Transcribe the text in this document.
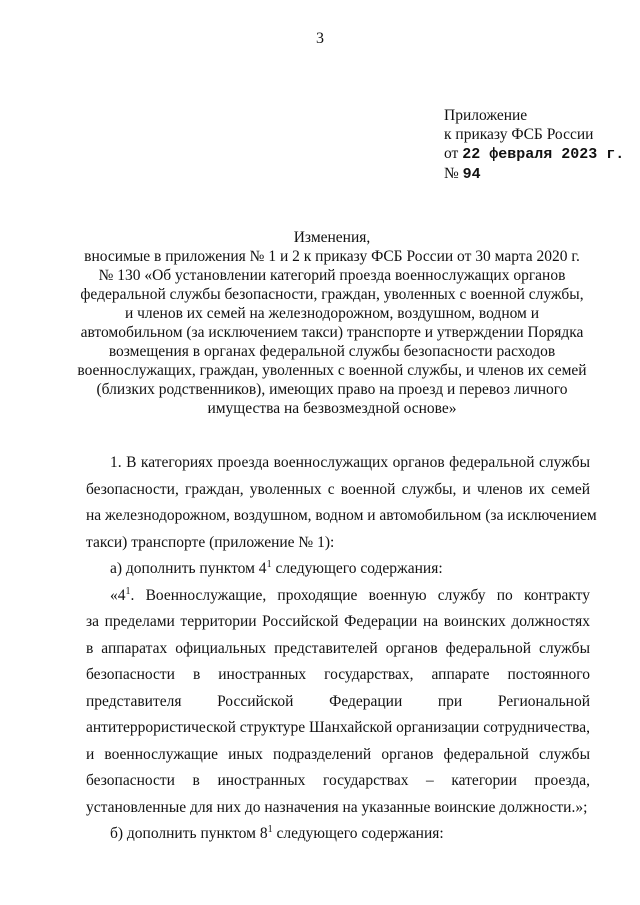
3
Приложение
к приказу ФСБ России
от 22 февраля 2023 г.
№ 94
Изменения,
вносимые в приложения № 1 и 2 к приказу ФСБ России от 30 марта 2020 г.
№ 130 «Об установлении категорий проезда военнослужащих органов
федеральной службы безопасности, граждан, уволенных с военной службы,
и членов их семей на железнодорожном, воздушном, водном и
автомобильном (за исключением такси) транспорте и утверждении Порядка
возмещения в органах федеральной службы безопасности расходов
военнослужащих, граждан, уволенных с военной службы, и членов их семей
(близких родственников), имеющих право на проезд и перевоз личного
имущества на безвозмездной основе»
1. В категориях проезда военнослужащих органов федеральной службы
безопасности, граждан, уволенных с военной службы, и членов их семей
на железнодорожном, воздушном, водном и автомобильном (за исключением
такси) транспорте (приложение № 1):
а) дополнить пунктом $4^1$ следующего содержания:
«$4^1$. Военнослужащие, проходящие военную службу по контракту
за пределами территории Российской Федерации на воинских должностях
в аппаратах официальных представителей органов федеральной службы
безопасности в иностранных государствах, аппарате постоянного
представителя Российской Федерации при Региональной
антитеррористической структуре Шанхайской организации сотрудничества,
и военнослужащие иных подразделений органов федеральной службы
безопасности в иностранных государствах – категории проезда,
установленные для них до назначения на указанные воинские должности.»;
б) дополнить пунктом $8^1$ следующего содержания:
